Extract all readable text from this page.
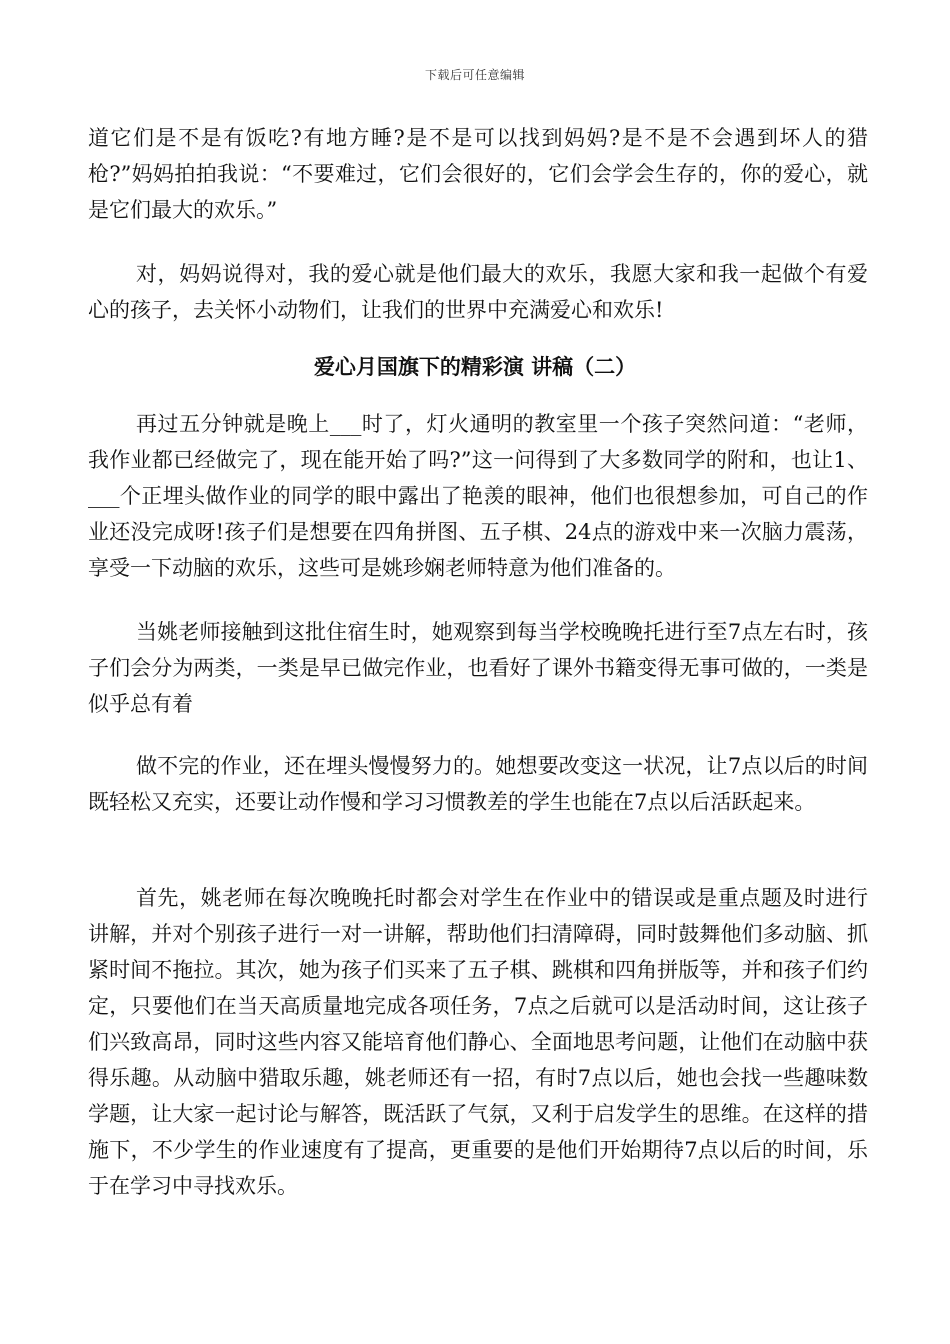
下载后可任意编辑

道它们是不是有饭吃?有地方睡?是不是可以找到妈妈?是不是不会遇到坏人的猎枪?”妈妈拍拍我说：“不要难过，它们会很好的，它们会学会生存的，你的爱心，就是它们最大的欢乐。”

对，妈妈说得对，我的爱心就是他们最大的欢乐，我愿大家和我一起做个有爱心的孩子，去关怀小动物们，让我们的世界中充满爱心和欢乐!

爱心月国旗下的精彩演 讲稿（二）

再过五分钟就是晚上___时了，灯火通明的教室里一个孩子突然问道：“老师，我作业都已经做完了，现在能开始了吗?”这一问得到了大多数同学的附和，也让1、___个正埋头做作业的同学的眼中露出了艳羡的眼神，他们也很想参加，可自己的作业还没完成呀!孩子们是想要在四角拼图、五子棋、24点的游戏中来一次脑力震荡，享受一下动脑的欢乐，这些可是姚珍娴老师特意为他们准备的。

当姚老师接触到这批住宿生时，她观察到每当学校晚晚托进行至7点左右时，孩子们会分为两类，一类是早已做完作业，也看好了课外书籍变得无事可做的，一类是似乎总有着

做不完的作业，还在埋头慢慢努力的。她想要改变这一状况，让7点以后的时间既轻松又充实，还要让动作慢和学习习惯教差的学生也能在7点以后活跃起来。

首先，姚老师在每次晚晚托时都会对学生在作业中的错误或是重点题及时进行讲解，并对个别孩子进行一对一讲解，帮助他们扫清障碍，同时鼓舞他们多动脑、抓紧时间不拖拉。其次，她为孩子们买来了五子棋、跳棋和四角拼版等，并和孩子们约定，只要他们在当天高质量地完成各项任务，7点之后就可以是活动时间，这让孩子们兴致高昂，同时这些内容又能培育他们静心、全面地思考问题，让他们在动脑中获得乐趣。从动脑中猎取乐趣，姚老师还有一招，有时7点以后，她也会找一些趣味数学题，让大家一起讨论与解答，既活跃了气氛，又利于启发学生的思维。在这样的措施下，不少学生的作业速度有了提高，更重要的是他们开始期待7点以后的时间，乐于在学习中寻找欢乐。
